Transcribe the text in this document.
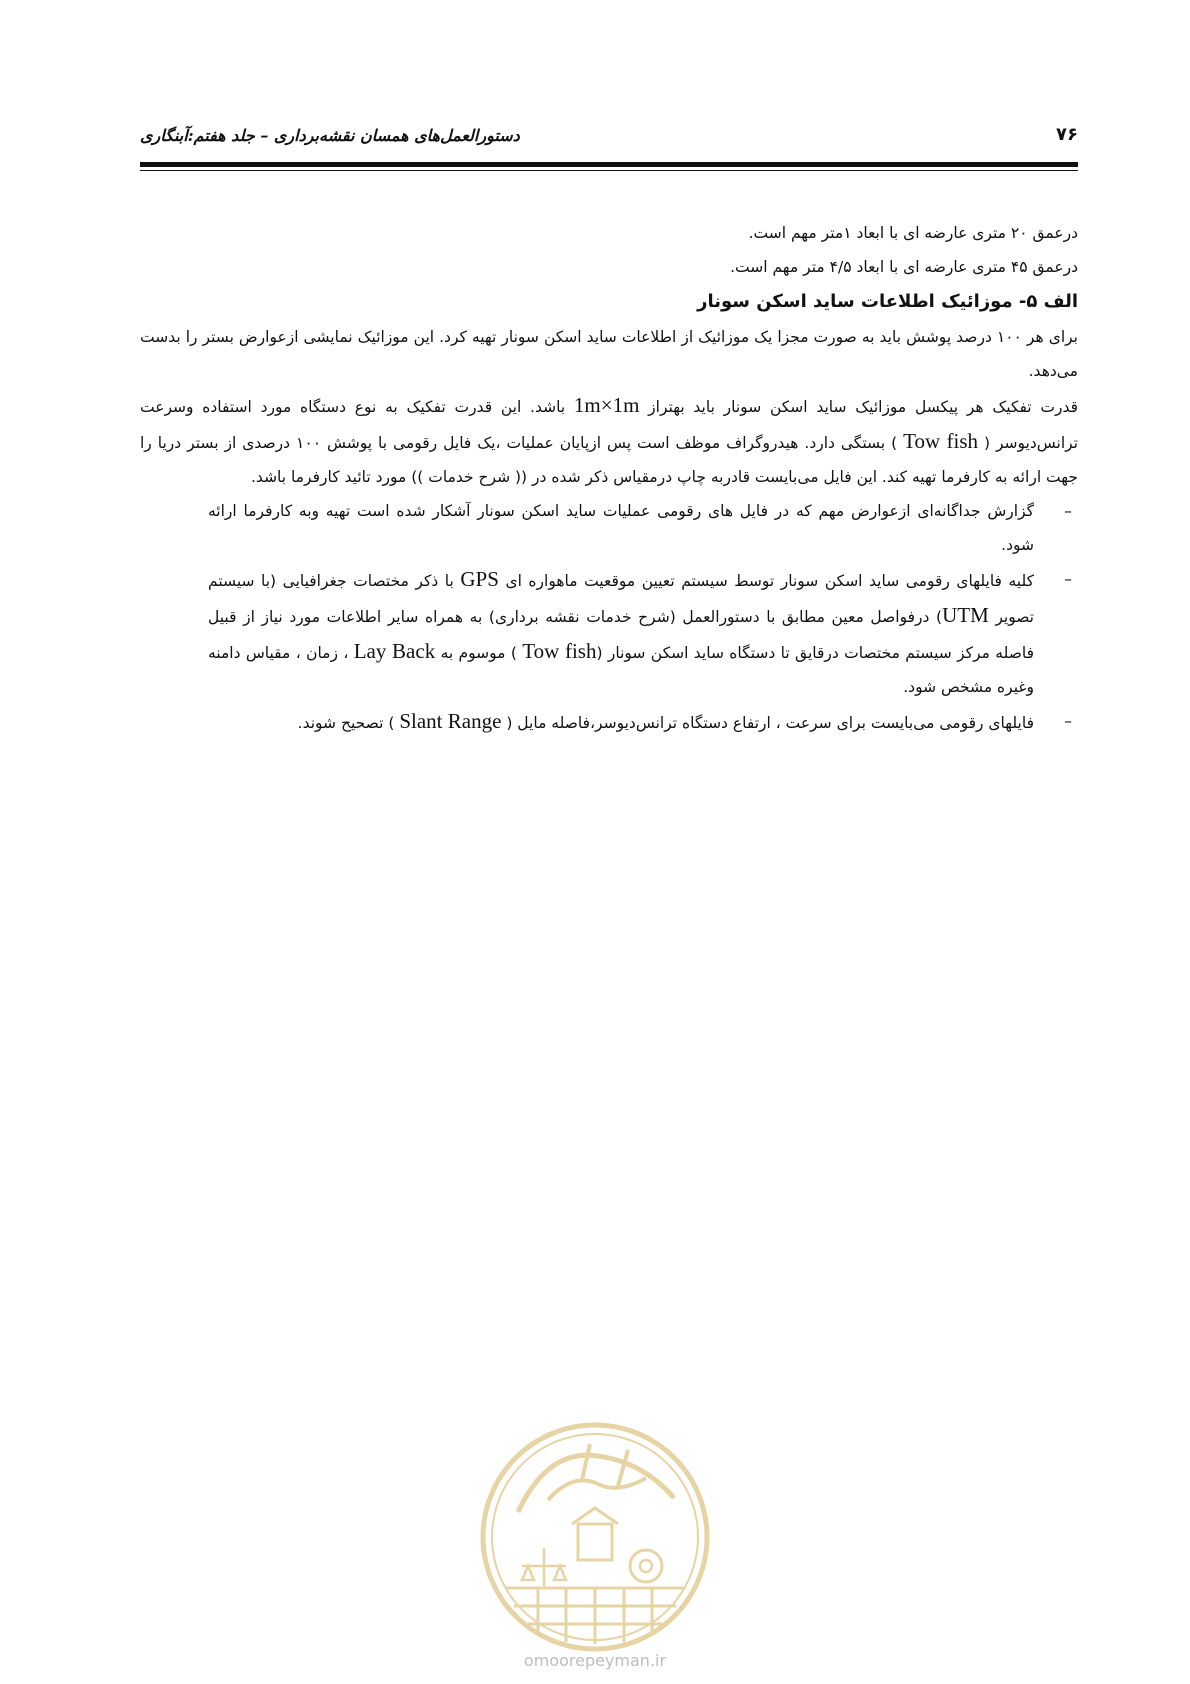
دستورالعمل‌های همسان نقشه‌برداری – جلد هفتم:آبنگاری	۷۶

درعمق ۲۰ متری عارضه ای با ابعاد ۱متر مهم است.

درعمق ۴۵ متری عارضه ای با ابعاد ۴/۵ متر مهم است.

الف ۵- موزائیک اطلاعات ساید اسکن سونار

برای هر ۱۰۰ درصد پوشش باید به صورت مجزا یک موزائیک از اطلاعات ساید اسکن سونار تهیه کرد. این موزائیک نمایشی ازعوارض بستر را بدست می‌دهد.

قدرت تفکیک هر پیکسل موزائیک ساید اسکن سونار باید بهتراز 1m×1m باشد. این قدرت تفکیک به نوع دستگاه مورد استفاده وسرعت ترانس‌دیوسر ( Tow fish ) بستگی دارد. هیدروگراف موظف است پس ازپایان عملیات ،یک فایل رقومی با پوشش ۱۰۰ درصدی از بستر دریا را جهت ارائه به کارفرما تهیه کند. این فایل می‌بایست قادربه چاپ درمقیاس ذکر شده در (( شرح خدمات )) مورد تائید کارفرما باشد.

–
گزارش جداگانه‌ای ازعوارض مهم که در فایل های رقومی عملیات ساید اسکن سونار آشکار شده است تهیه وبه کارفرما ارائه شود.
–
کلیه فایلهای رقومی ساید اسکن سونار توسط سیستم تعیین موقعیت ماهواره ای GPS با ذکر مختصات جغرافیایی (با سیستم تصویر UTM) درفواصل معین مطابق با دستورالعمل (شرح خدمات نقشه برداری) به همراه سایر اطلاعات مورد نیاز از قبیل فاصله مرکز سیستم مختصات درقایق تا دستگاه ساید اسکن سونار (Tow fish ) موسوم به Lay Back ، زمان ، مقیاس دامنه وغیره مشخص شود.
–
فایلهای رقومی می‌بایست برای سرعت ، ارتفاع دستگاه ترانس‌دیوسر،فاصله مایل ( Slant Range ) تصحیح شوند.
omoorepeyman.ir
